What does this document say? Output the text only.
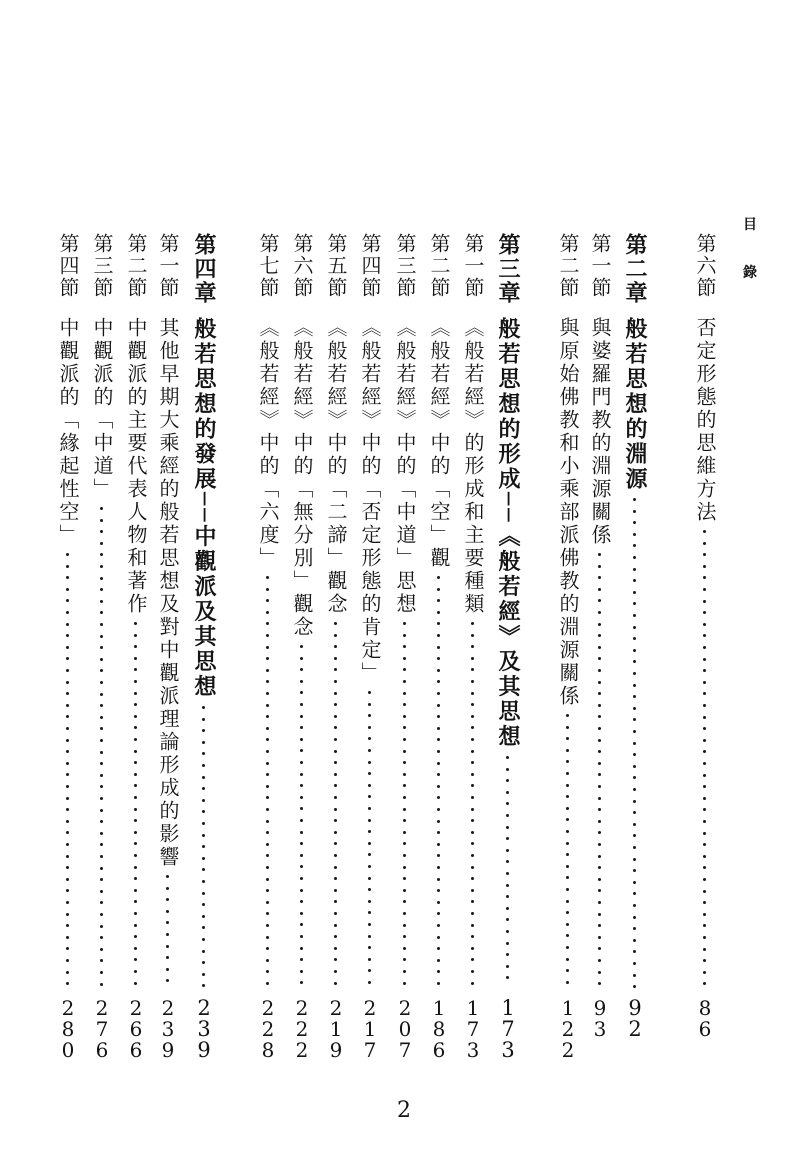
目
錄
第六節
否定形態的思維方法
8
6
第二章
般若思想的淵源
9
2
第一節
與婆羅門教的淵源關係
9
3
第二節
與原始佛教和小乘部派佛教的淵源關係
1
2
2
第三章
般若思想的形成──《般若經》及其思想
1
7
3
第一節
《般若經》的形成和主要種類
1
7
3
第二節
《般若經》中的「空」觀
1
8
6
第三節
《般若經》中的「中道」思想
2
0
7
第四節
《般若經》中的「否定形態的肯定」
2
1
7
第五節
《般若經》中的「二諦」觀念
2
1
9
第六節
《般若經》中的「無分別」觀念
2
2
2
第七節
《般若經》中的「六度」
2
2
8
第四章
般若思想的發展──中觀派及其思想
2
3
9
第一節
其他早期大乘經的般若思想及對中觀派理論形成的影響
2
3
9
第二節
中觀派的主要代表人物和著作
2
6
6
第三節
中觀派的「中道」
2
7
6
第四節
中觀派的「緣起性空」
2
8
0
2
